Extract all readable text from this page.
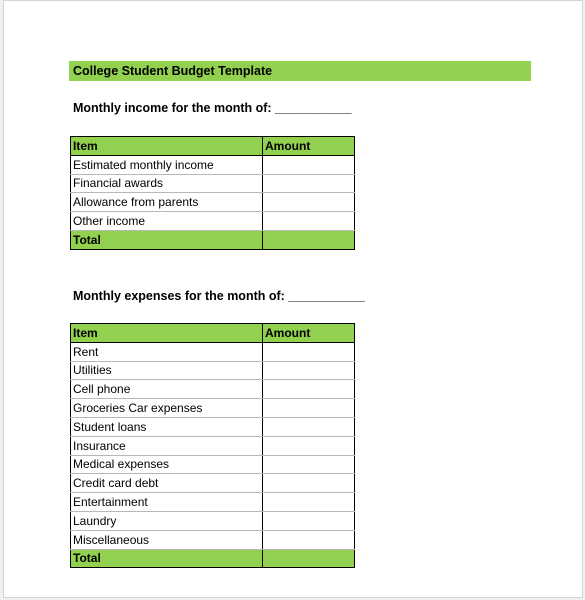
College Student Budget Template
Monthly income for the month of: ___________
Item	Amount
Estimated monthly income	
Financial awards	
Allowance from parents	
Other income	
Total	
Monthly expenses for the month of: ___________
Item	Amount
Rent	
Utilities	
Cell phone	
Groceries Car expenses	
Student loans	
Insurance	
Medical expenses	
Credit card debt	
Entertainment	
Laundry	
Miscellaneous	
Total	
